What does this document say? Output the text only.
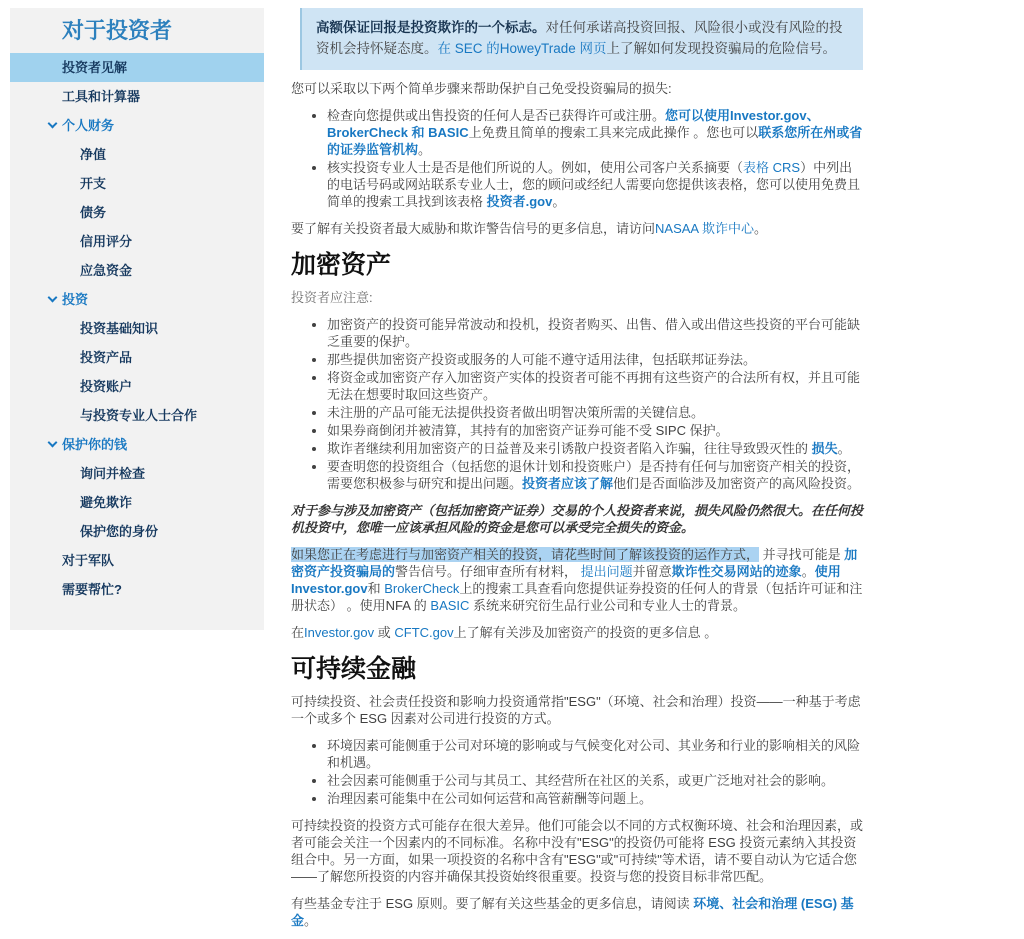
对于投资者
投资者见解
工具和计算器
个人财务
净值
开支
债务
信用评分
应急资金
投资
投资基础知识
投资产品
投资账户
与投资专业人士合作
保护你的钱
询问并检查
避免欺诈
保护您的身份
对于军队
需要帮忙?
高额保证回报是投资欺诈的一个标志。对任何承诺高投资回报、风险很小或没有风险的投资机会持怀疑态度。在 SEC 的HoweyTrade 网页上了解如何发现投资骗局的危险信号。

您可以采取以下两个简单步骤来帮助保护自己免受投资骗局的损失:

• 检查向您提供或出售投资的任何人是否已获得许可或注册。您可以使用Investor.gov、BrokerCheck 和 BASIC上免费且简单的搜索工具来完成此操作 。您也可以联系您所在州或省的证券监管机构。
• 核实投资专业人士是否是他们所说的人。例如，使用公司客户关系摘要（表格 CRS）中列出的电话号码或网站联系专业人士，您的顾问或经纪人需要向您提供该表格，您可以使用免费且简单的搜索工具找到该表格 投资者.gov。

要了解有关投资者最大威胁和欺诈警告信号的更多信息，请访问NASAA 欺诈中心。

加密资产

投资者应注意:

• 加密资产的投资可能异常波动和投机，投资者购买、出售、借入或出借这些投资的平台可能缺乏重要的保护。
• 那些提供加密资产投资或服务的人可能不遵守适用法律，包括联邦证券法。
• 将资金或加密资产存入加密资产实体的投资者可能不再拥有这些资产的合法所有权，并且可能无法在想要时取回这些资产。
• 未注册的产品可能无法提供投资者做出明智决策所需的关键信息。
• 如果券商倒闭并被清算，其持有的加密资产证券可能不受 SIPC 保护。
• 欺诈者继续利用加密资产的日益普及来引诱散户投资者陷入诈骗，往往导致毁灭性的 损失。
• 要查明您的投资组合（包括您的退休计划和投资账户）是否持有任何与加密资产相关的投资，需要您积极参与研究和提出问题。投资者应该了解他们是否面临涉及加密资产的高风险投资。

对于参与涉及加密资产（包括加密资产证券）交易的个人投资者来说，损失风险仍然很大。在任何投机投资中，您唯一应该承担风险的资金是您可以承受完全损失的资金。

如果您正在考虑进行与加密资产相关的投资，请花些时间了解该投资的运作方式， 并寻找可能是 加密资产投资骗局的警告信号。仔细审查所有材料， 提出问题并留意欺诈性交易网站的迹象。使用Investor.gov和 BrokerCheck上的搜索工具查看向您提供证券投资的任何人的背景（包括许可证和注册状态） 。使用NFA 的 BASIC 系统来研究衍生品行业公司和专业人士的背景。

在Investor.gov 或 CFTC.gov上了解有关涉及加密资产的投资的更多信息 。

可持续金融

可持续投资、社会责任投资和影响力投资通常指"ESG"（环境、社会和治理）投资——一种基于考虑一个或多个 ESG 因素对公司进行投资的方式。

• 环境因素可能侧重于公司对环境的影响或与气候变化对公司、其业务和行业的影响相关的风险和机遇。
• 社会因素可能侧重于公司与其员工、其经营所在社区的关系，或更广泛地对社会的影响。
• 治理因素可能集中在公司如何运营和高管薪酬等问题上。

可持续投资的投资方式可能存在很大差异。他们可能会以不同的方式权衡环境、社会和治理因素，或者可能会关注一个因素内的不同标准。名称中没有"ESG"的投资仍可能将 ESG 投资元素纳入其投资组合中。另一方面，如果一项投资的名称中含有"ESG"或"可持续"等术语，请不要自动认为它适合您——了解您所投资的内容并确保其投资始终很重要。投资与您的投资目标非常匹配。

有些基金专注于 ESG 原则。要了解有关这些基金的更多信息，请阅读 环境、社会和治理 (ESG) 基金。
